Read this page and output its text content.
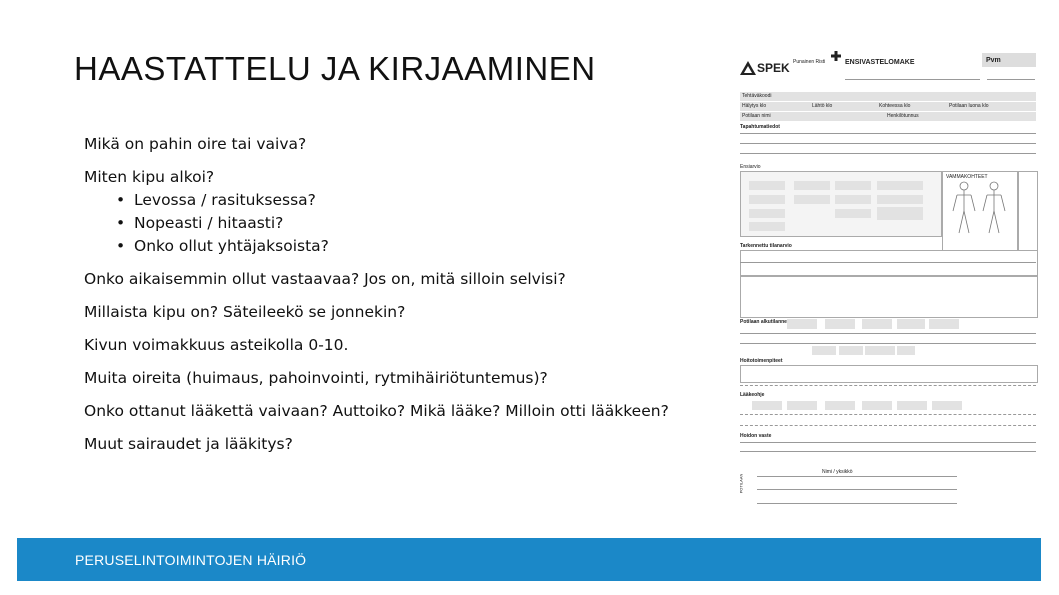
HAASTATTELU JA KIRJAAMINEN

Mikä on pahin oire tai vaiva?

Miten kipu alkoi?
• Levossa / rasituksessa?
• Nopeasti / hitaasti?
• Onko ollut yhtäjaksoista?

Onko aikaisemmin ollut vastaavaa? Jos on, mitä silloin selvisi?

Millaista kipu on? Säteileekö se jonnekin?

Kivun voimakkuus asteikolla 0-10.

Muita oireita (huimaus, pahoinvointi, rytmihäiriötuntemus)?

Onko ottanut lääkettä vaivaan? Auttoiko? Mikä lääke? Milloin otti lääkkeen?

Muut sairaudet ja lääkitys?

SPEK Punainen Risti	ENSIVASTELOMAKE	Pvm
Tehtäväkoodi
Hälytys klo	Lähtö klo	Kohteessa klo	Potilaan luona klo
Potilaan nimi	Henkilötunnus
Tapahtumatiedot
Ensiarvio
VAMMAKOHTEET
Tarkennettu tilanarvio
Potilaan alkutilanne
Hoitotoimenpiteet
Lääkeohje
Hoidon vaste
POTILAAN
Nimi / yksikkö
PERUSELINTOIMINTOJEN HÄIRIÖ
